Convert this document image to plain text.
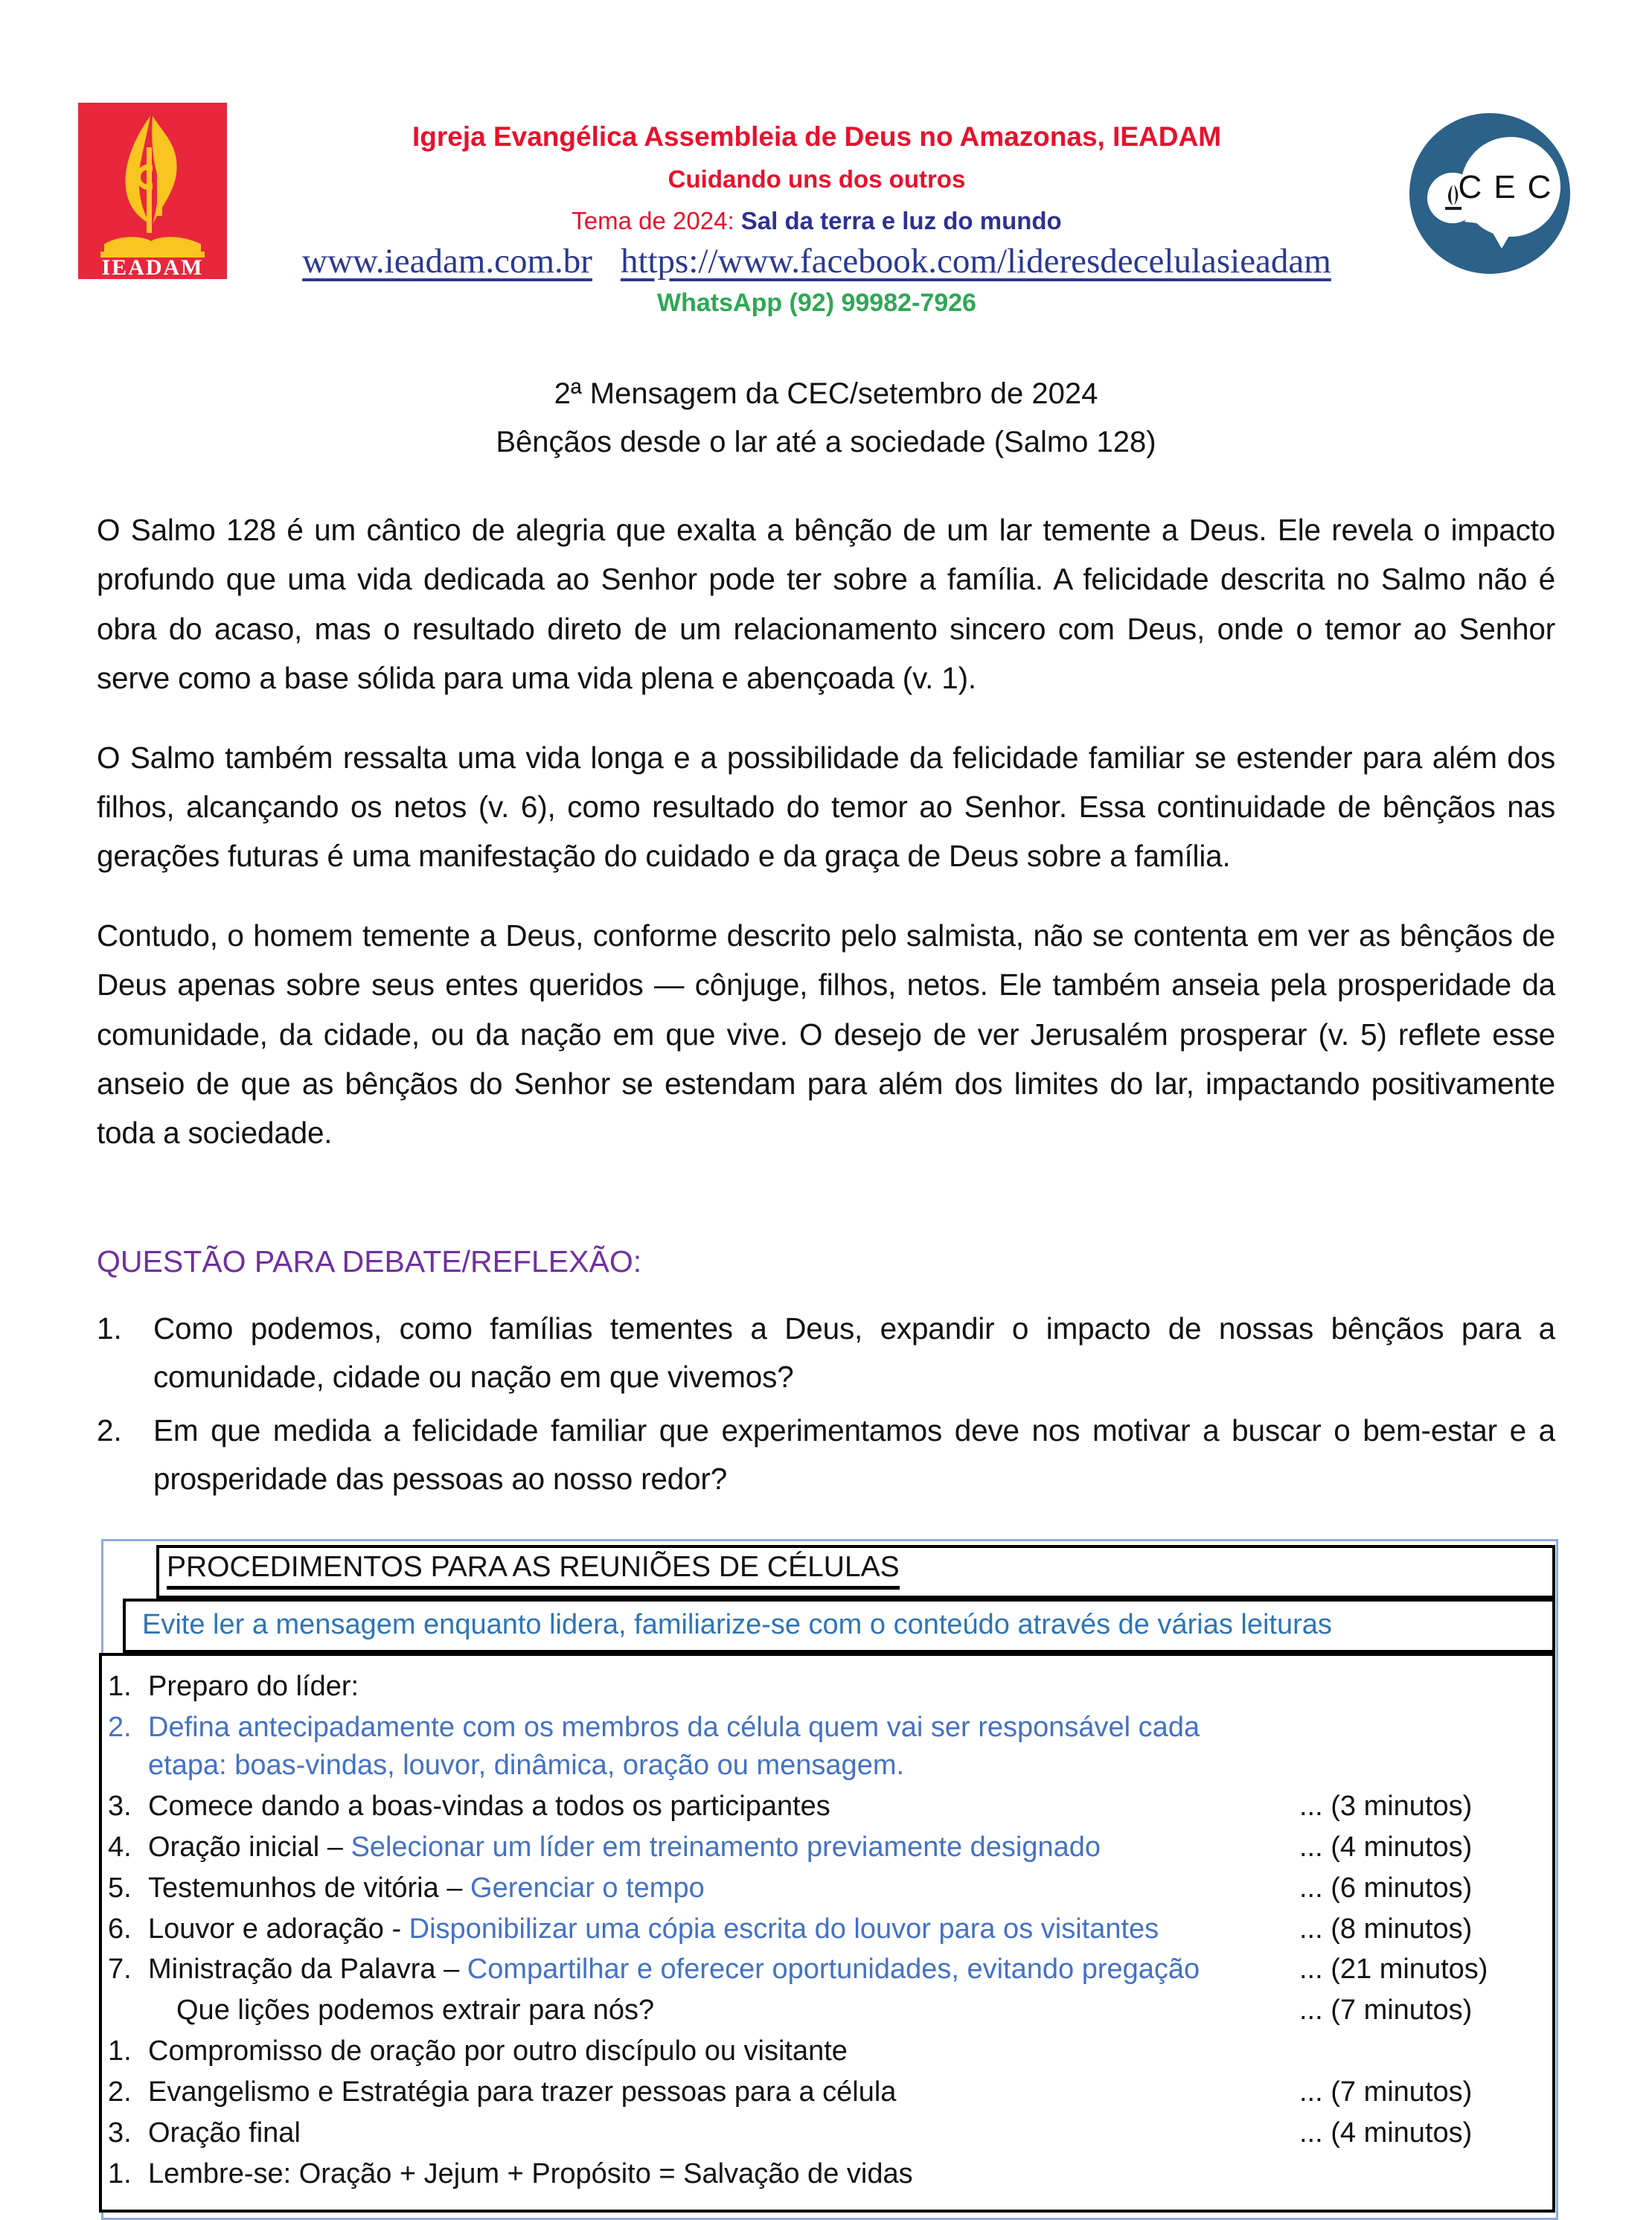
IEADAM
Igreja Evangélica Assembleia de Deus no Amazonas, IEADAM
Cuidando uns dos outros
Tema de 2024: Sal da terra e luz do mundo
www.ieadam.com.br https://www.facebook.com/lideresdecelulasieadam
WhatsApp (92) 99982-7926
CEC
2ª Mensagem da CEC/setembro de 2024
Bênçãos desde o lar até a sociedade (Salmo 128)

O Salmo 128 é um cântico de alegria que exalta a bênção de um lar temente a Deus. Ele revela o impacto profundo que uma vida dedicada ao Senhor pode ter sobre a família. A felicidade descrita no Salmo não é obra do acaso, mas o resultado direto de um relacionamento sincero com Deus, onde o temor ao Senhor serve como a base sólida para uma vida plena e abençoada (v. 1).

O Salmo também ressalta uma vida longa e a possibilidade da felicidade familiar se estender para além dos filhos, alcançando os netos (v. 6), como resultado do temor ao Senhor. Essa continuidade de bênçãos nas gerações futuras é uma manifestação do cuidado e da graça de Deus sobre a família.

Contudo, o homem temente a Deus, conforme descrito pelo salmista, não se contenta em ver as bênçãos de Deus apenas sobre seus entes queridos — cônjuge, filhos, netos. Ele também anseia pela prosperidade da comunidade, da cidade, ou da nação em que vive. O desejo de ver Jerusalém prosperar (v. 5) reflete esse anseio de que as bênçãos do Senhor se estendam para além dos limites do lar, impactando positivamente toda a sociedade.

QUESTÃO PARA DEBATE/REFLEXÃO:
1.	Como podemos, como famílias tementes a Deus, expandir o impacto de nossas bênçãos para a comunidade, cidade ou nação em que vivemos?
2.	Em que medida a felicidade familiar que experimentamos deve nos motivar a buscar o bem-estar e a prosperidade das pessoas ao nosso redor?
PROCEDIMENTOS PARA AS REUNIÕES DE CÉLULAS
Evite ler a mensagem enquanto lidera, familiarize-se com o conteúdo através de várias leituras
1. Preparo do líder:
2. Defina antecipadamente com os membros da célula quem vai ser responsável cada etapa: boas-vindas, louvor, dinâmica, oração ou mensagem.
3. Comece dando a boas-vindas a todos os participantes	... (3 minutos)
4. Oração inicial – Selecionar um líder em treinamento previamente designado	... (4 minutos)
5. Testemunhos de vitória – Gerenciar o tempo	... (6 minutos)
6. Louvor e adoração - Disponibilizar uma cópia escrita do louvor para os visitantes	... (8 minutos)
7. Ministração da Palavra – Compartilhar e oferecer oportunidades, evitando pregação	... (21 minutos)
Que lições podemos extrair para nós?	... (7 minutos)
1. Compromisso de oração por outro discípulo ou visitante
2. Evangelismo e Estratégia para trazer pessoas para a célula	... (7 minutos)
3. Oração final	... (4 minutos)
1. Lembre-se: Oração + Jejum + Propósito = Salvação de vidas
